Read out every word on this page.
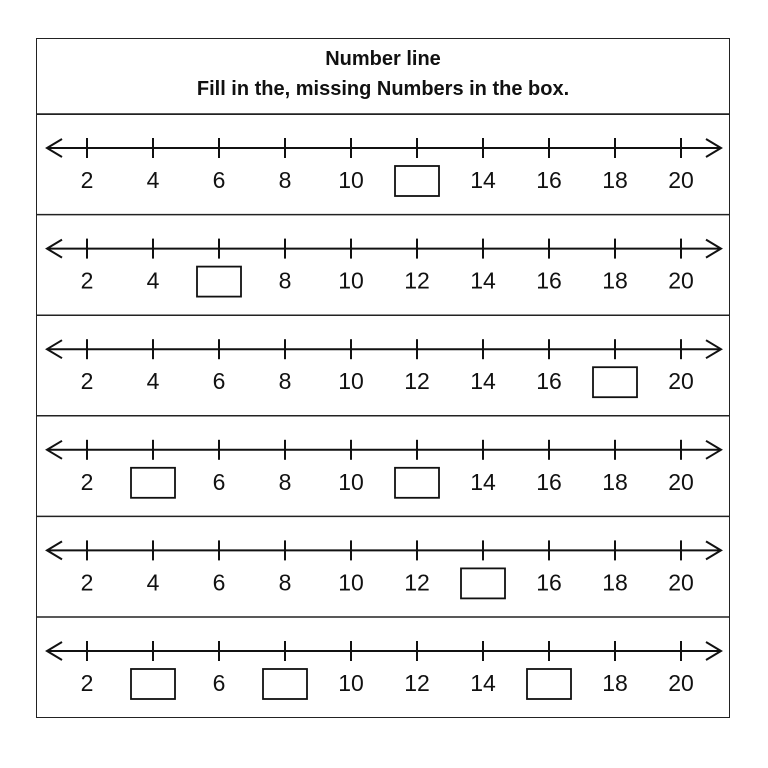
Number line
Fill in the, missing Numbers in the box.
2 4 6 8 10	14 16 18 20
2 4	8 10 12 14 16 18 20
2 4 6 8 10 12 14 16	20
2	6 8 10	14 16 18 20
2 4 6 8 10 12	16 18 20
2	6	10 12 14	18 20
